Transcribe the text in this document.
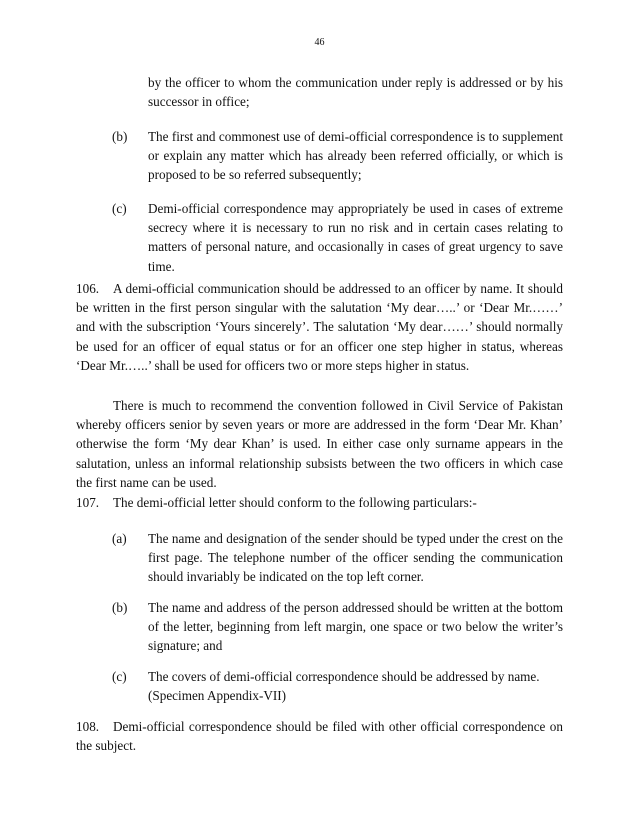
46
by the officer to whom the communication under reply is addressed or by his successor in office;
(b) The first and commonest use of demi-official correspondence is to supplement or explain any matter which has already been referred officially, or which is proposed to be so referred subsequently;
(c) Demi-official correspondence may appropriately be used in cases of extreme secrecy where it is necessary to run no risk and in certain cases relating to matters of personal nature, and occasionally in cases of great urgency to save time.
106. A demi-official communication should be addressed to an officer by name. It should be written in the first person singular with the salutation ‘My dear…..’ or ‘Dear Mr.……’ and with the subscription ‘Yours sincerely’. The salutation ‘My dear……’ should normally be used for an officer of equal status or for an officer one step higher in status, whereas ‘Dear Mr.…..’ shall be used for officers two or more steps higher in status.
There is much to recommend the convention followed in Civil Service of Pakistan whereby officers senior by seven years or more are addressed in the form ‘Dear Mr. Khan’ otherwise the form ‘My dear Khan’ is used. In either case only surname appears in the salutation, unless an informal relationship subsists between the two officers in which case the first name can be used.
107. The demi-official letter should conform to the following particulars:-
(a) The name and designation of the sender should be typed under the crest on the first page. The telephone number of the officer sending the communication should invariably be indicated on the top left corner.
(b) The name and address of the person addressed should be written at the bottom of the letter, beginning from left margin, one space or two below the writer’s signature; and
(c) The covers of demi-official correspondence should be addressed by name.
(Specimen Appendix-VII)
108. Demi-official correspondence should be filed with other official correspondence on the subject.
